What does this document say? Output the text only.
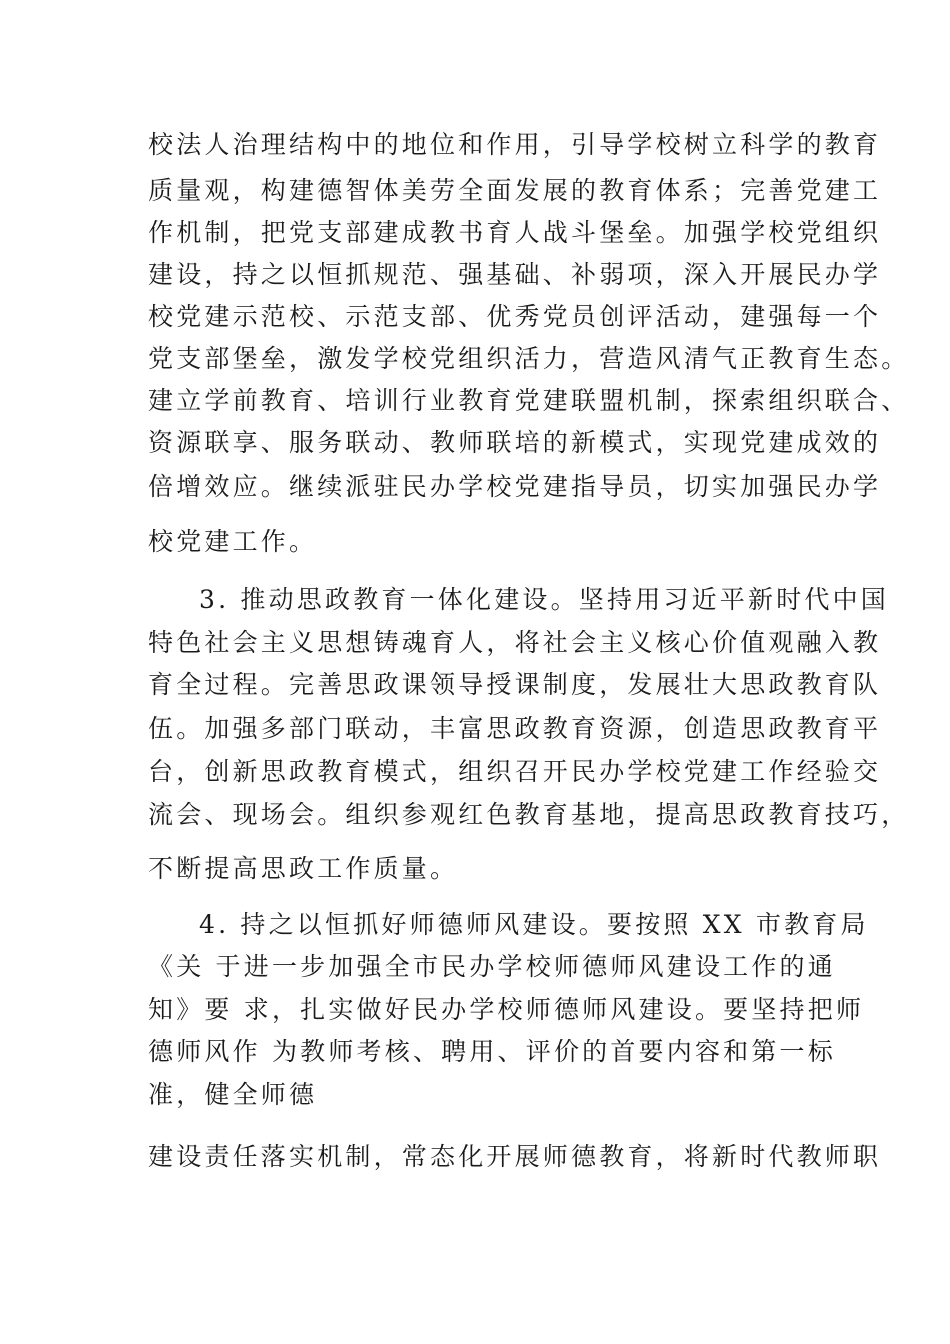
校法人治理结构中的地位和作用，引导学校树立科学的教育
质量观，构建德智体美劳全面发展的教育体系；完善党建工
作机制，把党支部建成教书育人战斗堡垒。加强学校党组织
建设，持之以恒抓规范、强基础、补弱项，深入开展民办学
校党建示范校、示范支部、优秀党员创评活动，建强每一个
党支部堡垒，激发学校党组织活力，营造风清气正教育生态。
建立学前教育、培训行业教育党建联盟机制，探索组织联合、
资源联享、服务联动、教师联培的新模式，实现党建成效的
倍增效应。继续派驻民办学校党建指导员，切实加强民办学
校党建工作。
3. 推动思政教育一体化建设。坚持用习近平新时代中国
特色社会主义思想铸魂育人，将社会主义核心价值观融入教
育全过程。完善思政课领导授课制度，发展壮大思政教育队
伍。加强多部门联动，丰富思政教育资源，创造思政教育平
台，创新思政教育模式，组织召开民办学校党建工作经验交
流会、现场会。组织参观红色教育基地，提高思政教育技巧，
不断提高思政工作质量。
4. 持之以恒抓好师德师风建设。要按照 XX 市教育局
《关 于进一步加强全市民办学校师德师风建设工作的通
知》要 求，扎实做好民办学校师德师风建设。要坚持把师
德师风作 为教师考核、聘用、评价的首要内容和第一标
准，健全师德
建设责任落实机制，常态化开展师德教育，将新时代教师职
